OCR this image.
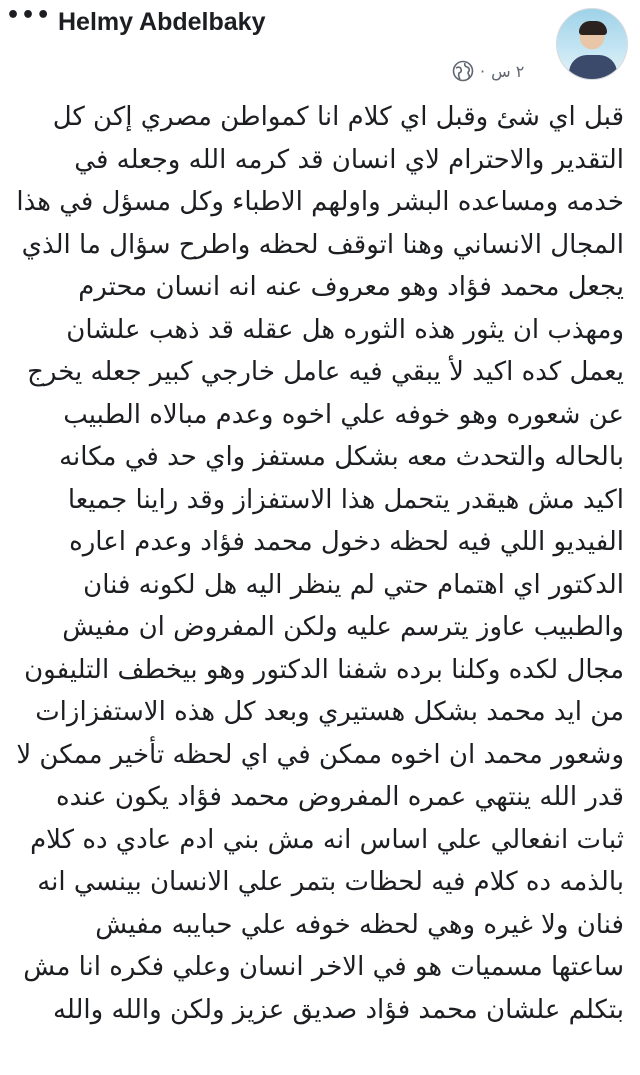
••• Helmy Abdelbaky
· ٢ س
قبل اي شئ وقبل اي كلام انا كمواطن مصري إكن كل
التقدير والاحترام لاي انسان قد كرمه الله وجعله في
خدمه ومساعده البشر واولهم الاطباء وكل مسؤل في هذا
المجال الانساني وهنا اتوقف لحظه واطرح سؤال ما الذي
يجعل محمد فؤاد وهو معروف عنه انه انسان محترم
ومهذب ان يثور هذه الثوره هل عقله قد ذهب علشان
يعمل كده اكيد لأ يبقي فيه عامل خارجي كبير جعله يخرج
عن شعوره وهو خوفه علي اخوه وعدم مبالاه الطبيب
بالحاله والتحدث معه بشكل مستفز واي حد في مكانه
اكيد مش هيقدر يتحمل هذا الاستفزاز وقد راينا جميعا
الفيديو اللي فيه لحظه دخول محمد فؤاد وعدم اعاره
الدكتور اي اهتمام حتي لم ينظر اليه هل لكونه فنان
والطبيب عاوز يترسم عليه ولكن المفروض ان مفيش
مجال لكده وكلنا برده شفنا الدكتور وهو بيخطف التليفون
من ايد محمد بشكل هستيري وبعد كل هذه الاستفزازات
وشعور محمد ان اخوه ممكن في اي لحظه تأخير ممكن لا
قدر الله ينتهي عمره المفروض محمد فؤاد يكون عنده
ثبات انفعالي علي اساس انه مش بني ادم عادي ده كلام
بالذمه ده كلام فيه لحظات بتمر علي الانسان بينسي انه
فنان ولا غيره وهي لحظه خوفه علي حبايبه مفيش
ساعتها مسميات هو في الاخر انسان وعلي فكره انا مش
بتكلم علشان محمد فؤاد صديق عزيز ولكن والله والله
